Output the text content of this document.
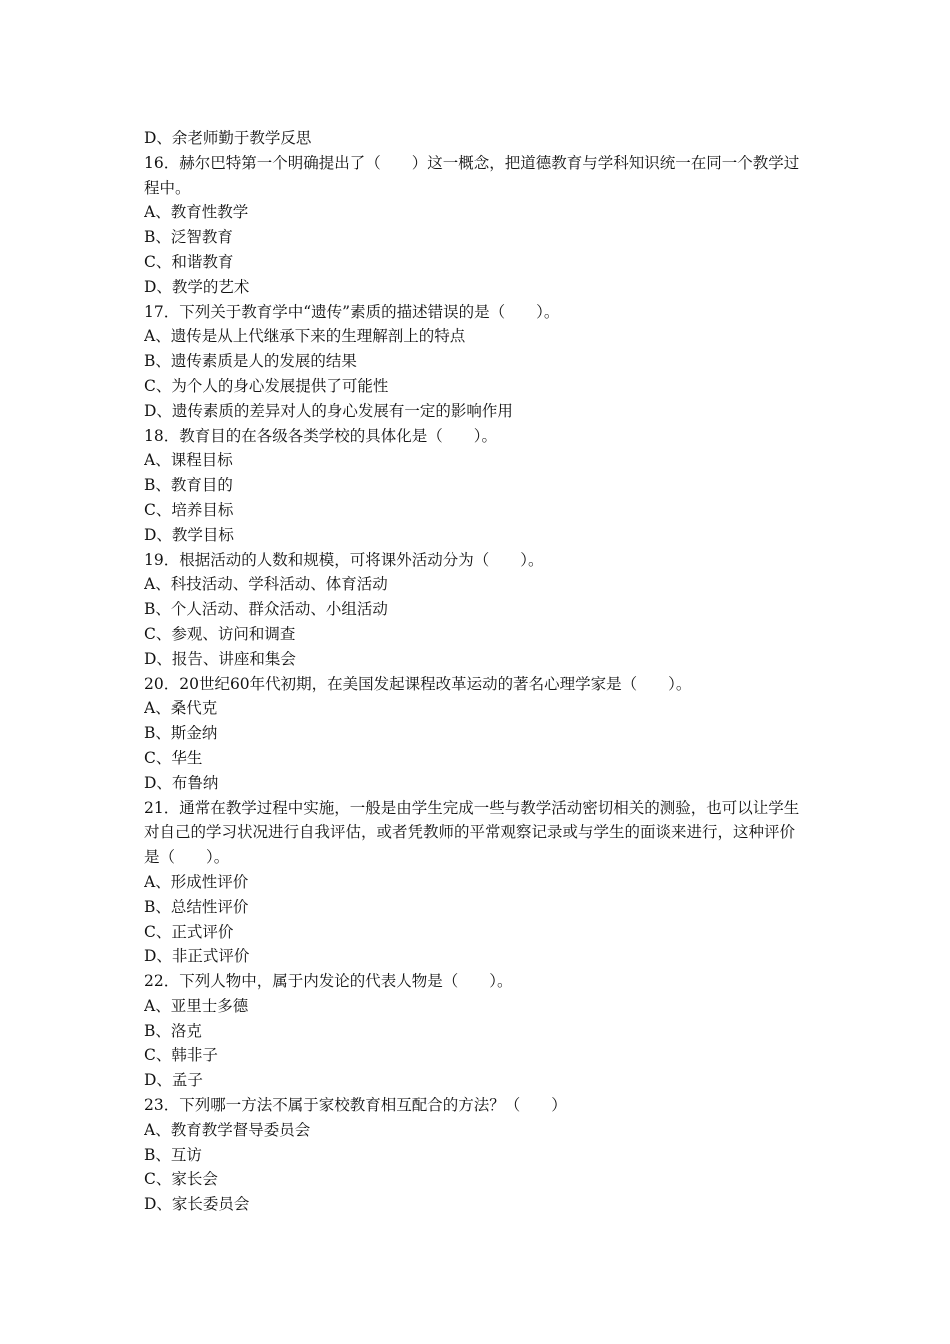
D、余老师勤于教学反思
16．赫尔巴特第一个明确提出了（　　）这一概念，把道德教育与学科知识统一在同一个教学过程中。
A、教育性教学
B、泛智教育
C、和谐教育
D、教学的艺术
17．下列关于教育学中“遗传”素质的描述错误的是（　　）。
A、遗传是从上代继承下来的生理解剖上的特点
B、遗传素质是人的发展的结果
C、为个人的身心发展提供了可能性
D、遗传素质的差异对人的身心发展有一定的影响作用
18．教育目的在各级各类学校的具体化是（　　）。
A、课程目标
B、教育目的
C、培养目标
D、教学目标
19．根据活动的人数和规模，可将课外活动分为（　　）。
A、科技活动、学科活动、体育活动
B、个人活动、群众活动、小组活动
C、参观、访问和调查
D、报告、讲座和集会
20．20世纪60年代初期，在美国发起课程改革运动的著名心理学家是（　　）。
A、桑代克
B、斯金纳
C、华生
D、布鲁纳
21．通常在教学过程中实施，一般是由学生完成一些与教学活动密切相关的测验，也可以让学生对自己的学习状况进行自我评估，或者凭教师的平常观察记录或与学生的面谈来进行，这种评价是（　　）。
A、形成性评价
B、总结性评价
C、正式评价
D、非正式评价
22．下列人物中，属于内发论的代表人物是（　　）。
A、亚里士多德
B、洛克
C、韩非子
D、孟子
23．下列哪一方法不属于家校教育相互配合的方法？（　　）
A、教育教学督导委员会
B、互访
C、家长会
D、家长委员会
